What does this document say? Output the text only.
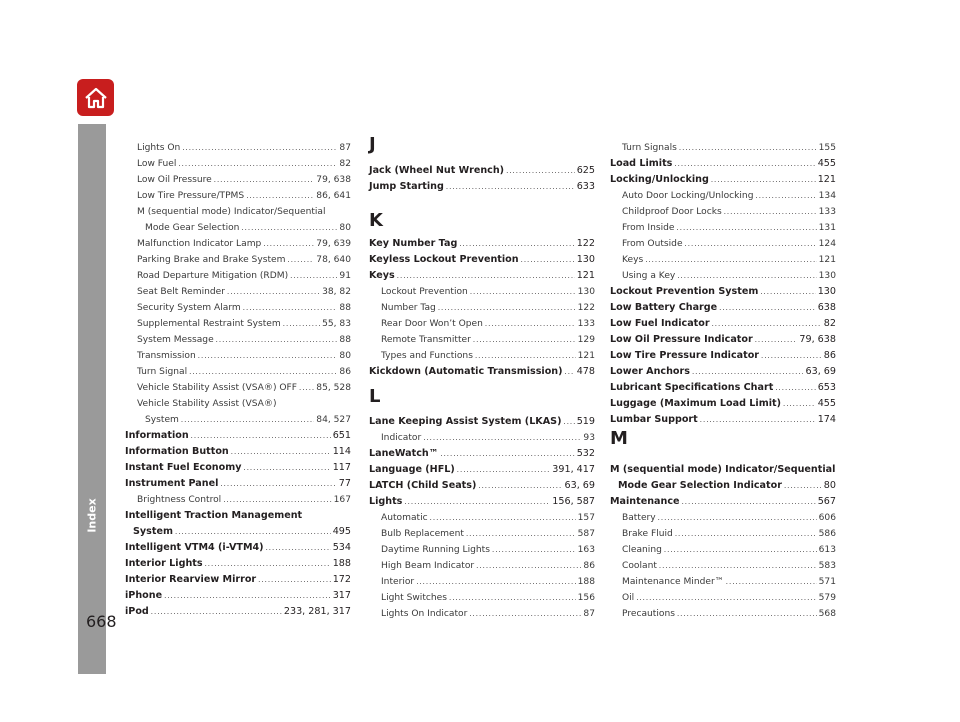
Index
668
Lights On .....	87
Low Fuel .....	82
Low Oil Pressure .....	79, 638
Low Tire Pressure/TPMS .....	86, 641
M (sequential mode) Indicator/Sequential
Mode Gear Selection .....	80
Malfunction Indicator Lamp .....	79, 639
Parking Brake and Brake System .....	78, 640
Road Departure Mitigation (RDM) .....	91
Seat Belt Reminder .....	38, 82
Security System Alarm .....	88
Supplemental Restraint System .....	55, 83
System Message .....	88
Transmission .....	80
Turn Signal .....	86
Vehicle Stability Assist (VSA®) OFF ..... 85, 528
Vehicle Stability Assist (VSA®)
System .....	84, 527
Information .....	651
Information Button .....	114
Instant Fuel Economy .....	117
Instrument Panel .....	77
Brightness Control .....	167
Intelligent Traction Management
System .....	495
Intelligent VTM4 (i-VTM4) .....	534
Interior Lights .....	188
Interior Rearview Mirror .....	172
iPhone .....	317
iPod .....	233, 281, 317
J
Jack (Wheel Nut Wrench) .....	625
Jump Starting .....	633
K
Key Number Tag .....	122
Keyless Lockout Prevention .....	130
Keys .....	121
Lockout Prevention .....	130
Number Tag .....	122
Rear Door Won’t Open .....	133
Remote Transmitter .....	129
Types and Functions .....	121
Kickdown (Automatic Transmission) ..... 478
L
Lane Keeping Assist System (LKAS) ..... 519
Indicator .....	93
LaneWatch™ .....	532
Language (HFL) .....	391, 417
LATCH (Child Seats) .....	63, 69
Lights .....	156, 587
Automatic .....	157
Bulb Replacement .....	587
Daytime Running Lights .....	163
High Beam Indicator .....	86
Interior .....	188
Light Switches .....	156
Lights On Indicator .....	87
Turn Signals .....	155
Load Limits .....	455
Locking/Unlocking .....	121
Auto Door Locking/Unlocking .....	134
Childproof Door Locks .....	133
From Inside .....	131
From Outside .....	124
Keys .....	121
Using a Key .....	130
Lockout Prevention System .....	130
Low Battery Charge .....	638
Low Fuel Indicator .....	82
Low Oil Pressure Indicator .....	79, 638
Low Tire Pressure Indicator .....	86
Lower Anchors .....	63, 69
Lubricant Specifications Chart .....	653
Luggage (Maximum Load Limit) .....	455
Lumbar Support .....	174
M
M (sequential mode) Indicator/Sequential
Mode Gear Selection Indicator .....	80
Maintenance .....	567
Battery .....	606
Brake Fluid .....	586
Cleaning .....	613
Coolant .....	583
Maintenance Minder™ .....	571
Oil .....	579
Precautions .....	568
